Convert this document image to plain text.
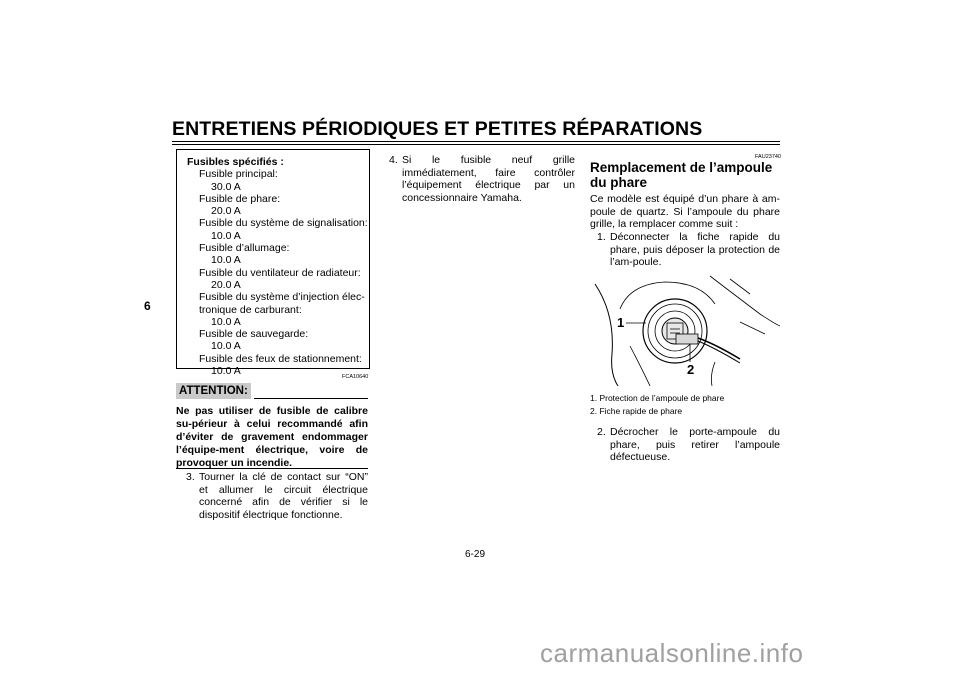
ENTRETIENS PÉRIODIQUES ET PETITES RÉPARATIONS
6
Fusibles spécifiés :
Fusible principal:
30.0 A
Fusible de phare:
20.0 A
Fusible du système de signalisation:
10.0 A
Fusible d’allumage:
10.0 A
Fusible du ventilateur de radiateur:
20.0 A
Fusible du système d’injection élec-
tronique de carburant:
10.0 A
Fusible de sauvegarde:
10.0 A
Fusible des feux de stationnement:
10.0 A	FCA10640
ATTENTION:
Ne pas utiliser de fusible de calibre su-périeur à celui recommandé afin d’éviter de gravement endommager l’équipe-ment électrique, voire de provoquer un incendie.
3. Tourner la clé de contact sur “ON” et allumer le circuit électrique concerné afin de vérifier si le dispositif électrique fonctionne.
4. Si le fusible neuf grille immédiatement, faire contrôler l’équipement électrique par un concessionnaire Yamaha.
FAU23740
Remplacement de l’ampoule du phare
Ce modèle est équipé d’un phare à am-poule de quartz. Si l’ampoule du phare grille, la remplacer comme suit :
1. Déconnecter la fiche rapide du phare, puis déposer la protection de l’am-poule.
1
2
1. Protection de l’ampoule de phare
2. Fiche rapide de phare
2. Décrocher le porte-ampoule du phare, puis retirer l’ampoule défectueuse.
6-29
carmanualsonline.info
